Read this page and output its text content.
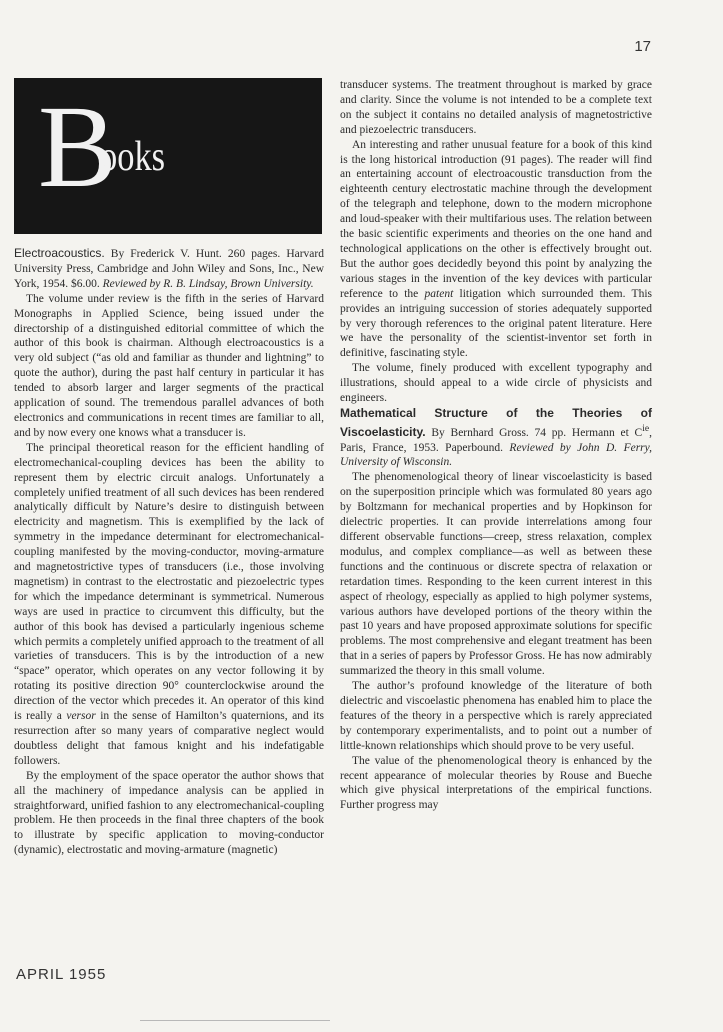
17
B
ooks

Electroacoustics. By Frederick V. Hunt. 260 pages. Harvard University Press, Cambridge and John Wiley and Sons, Inc., New York, 1954. $6.00. Reviewed by R. B. Lindsay, Brown University.

The volume under review is the fifth in the series of Harvard Monographs in Applied Science, being issued under the directorship of a distinguished editorial committee of which the author of this book is chairman. Although electroacoustics is a very old subject (“as old and familiar as thunder and lightning” to quote the author), during the past half century in particular it has tended to absorb larger and larger segments of the practical application of sound. The tremendous parallel advances of both electronics and communications in recent times are familiar to all, and by now every one knows what a transducer is.

The principal theoretical reason for the efficient handling of electromechanical-coupling devices has been the ability to represent them by electric circuit analogs. Unfortunately a completely unified treatment of all such devices has been rendered analytically difficult by Nature’s desire to distinguish between electricity and magnetism. This is exemplified by the lack of symmetry in the impedance determinant for electromechanical-coupling manifested by the moving-conductor, moving-armature and magnetostrictive types of transducers (i.e., those involving magnetism) in contrast to the electrostatic and piezoelectric types for which the impedance determinant is symmetrical. Numerous ways are used in practice to circumvent this difficulty, but the author of this book has devised a particularly ingenious scheme which permits a completely unified approach to the treatment of all varieties of transducers. This is by the introduction of a new “space” operator, which operates on any vector following it by rotating its positive direction 90° counterclockwise around the direction of the vector which precedes it. An operator of this kind is really a versor in the sense of Hamilton’s quaternions, and its resurrection after so many years of comparative neglect would doubtless delight that famous knight and his indefatigable followers.

By the employment of the space operator the author shows that all the machinery of impedance analysis can be applied in straightforward, unified fashion to any electromechanical-coupling problem. He then proceeds in the final three chapters of the book to illustrate by specific application to moving-conductor (dynamic), electrostatic and moving-armature (magnetic)

transducer systems. The treatment throughout is marked by grace and clarity. Since the volume is not intended to be a complete text on the subject it contains no detailed analysis of magnetostrictive and piezoelectric transducers.

An interesting and rather unusual feature for a book of this kind is the long historical introduction (91 pages). The reader will find an entertaining account of electroacoustic transduction from the eighteenth century electrostatic machine through the development of the telegraph and telephone, down to the modern microphone and loud-speaker with their multifarious uses. The relation between the basic scientific experiments and theories on the one hand and technological applications on the other is effectively brought out. But the author goes decidedly beyond this point by analyzing the various stages in the invention of the key devices with particular reference to the patent litigation which surrounded them. This provides an intriguing succession of stories adequately supported by very thorough references to the original patent literature. Here we have the personality of the scientist-inventor set forth in definitive, fascinating style.

The volume, finely produced with excellent typography and illustrations, should appeal to a wide circle of physicists and engineers.

Mathematical Structure of the Theories of Viscoelasticity. By Bernhard Gross. 74 pp. Hermann et $C^{ie}$, Paris, France, 1953. Paperbound. Reviewed by John D. Ferry, University of Wisconsin.

The phenomenological theory of linear viscoelasticity is based on the superposition principle which was formulated 80 years ago by Boltzmann for mechanical properties and by Hopkinson for dielectric properties. It can provide interrelations among four different observable functions—creep, stress relaxation, complex modulus, and complex compliance—as well as between these functions and the continuous or discrete spectra of relaxation or retardation times. Responding to the keen current interest in this aspect of rheology, especially as applied to high polymer systems, various authors have developed portions of the theory within the past 10 years and have proposed approximate solutions for specific problems. The most comprehensive and elegant treatment has been that in a series of papers by Professor Gross. He has now admirably summarized the theory in this small volume.

The author’s profound knowledge of the literature of both dielectric and viscoelastic phenomena has enabled him to place the features of the theory in a perspective which is rarely appreciated by contemporary experimentalists, and to point out a number of little-known relationships which should prove to be very useful.

The value of the phenomenological theory is enhanced by the recent appearance of molecular theories by Rouse and Bueche which give physical interpretations of the empirical functions. Further progress may

APRIL 1955
